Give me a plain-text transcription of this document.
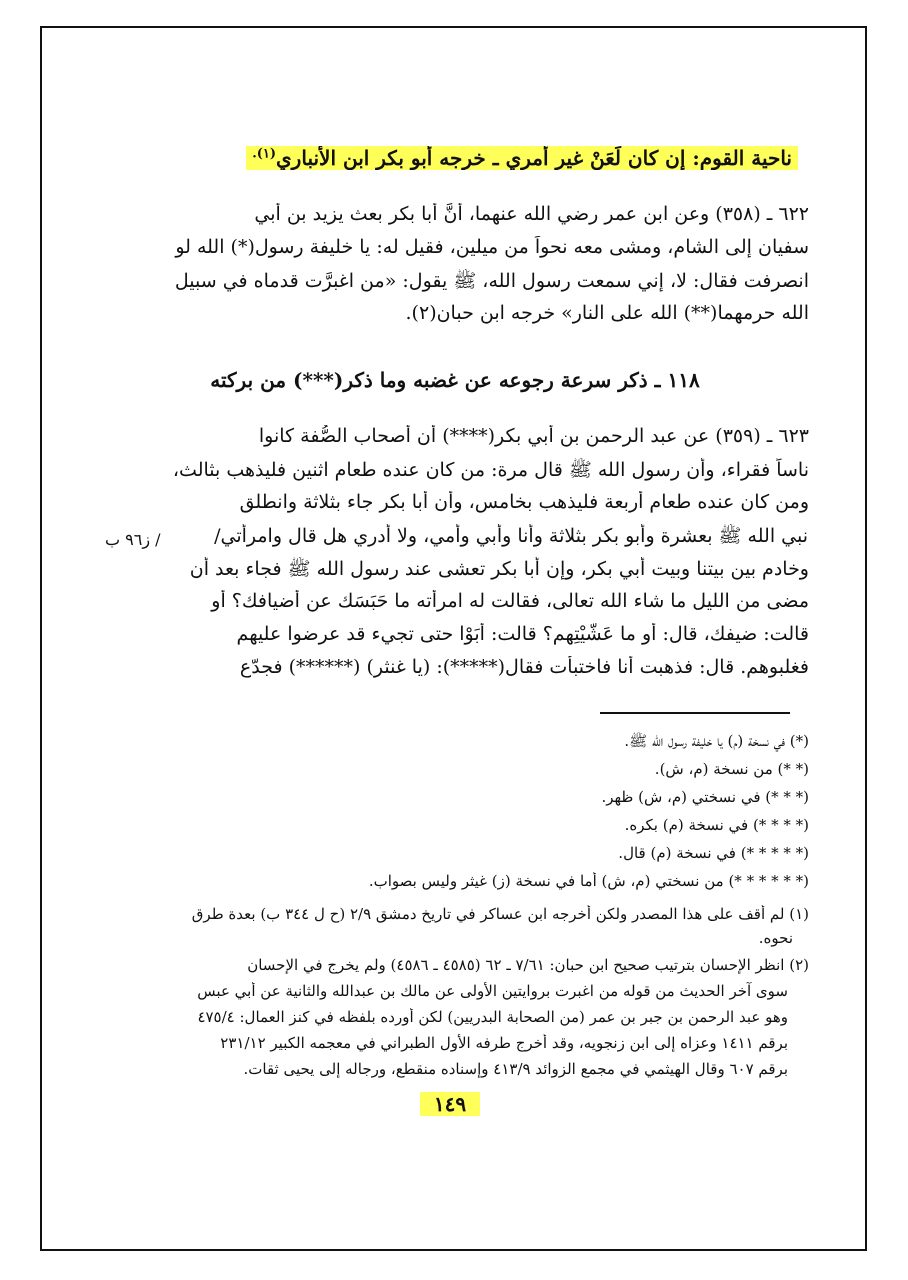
ناحية القوم: إن كان لَعَنْ غيرِ أمري ـ خرجه أبو بكر ابن الأنباري$^{(١).}$
٦٢٢ ـ (٣٥٨) وعن ابن عمر رضي الله عنهما، أنَّ أبا بكر بعث يزيد بن أبي
سفيان إلى الشام، ومشى معه نحواً من ميلين، فقيل له: يا خليفة رسول(*) الله لو
انصرفت فقال: لا، إني سمعت رسول الله، ﷺ يقول: «من اغبرَّت قدماه في سبيل
الله حرمهما(**) الله على النار» خرجه ابن حبان(٢).
١١٨ ـ ذكر سرعة رجوعه عن غضبه وما ذكر(***) من بركته
٦٢٣ ـ (٣٥٩) عن عبد الرحمن بن أبي بكر(****) أن أصحاب الصُّفة كانوا
ناساً فقراء، وأن رسول الله ﷺ قال مرة: من كان عنده طعام اثنين فليذهب بثالث،
ومن كان عنده طعام أربعة فليذهب بخامس، وأن أبا بكر جاء بثلاثة وانطلق
نبي الله ﷺ بعشرة وأبو بكر بثلاثة وأنا وأبي وأمي، ولا أدري هل قال وامرأتي/
/ ز٩٦ ب
وخادم بين بيتنا وبيت أبي بكر، وإن أبا بكر تعشى عند رسول الله ﷺ فجاء بعد أن
مضى من الليل ما شاء الله تعالى، فقالت له امرأته ما حَبَسَك عن أضيافك؟ أو
قالت: ضيفك، قال: أو ما عَشَّيْتِهِم؟ قالت: أَبَوْا حتى تجيء قد عرضوا عليهم
فغلبوهم. قال: فذهبت أنا فاختبأت فقال(*****): (يا غنثر) (******) فجدّع
(*) في نسخة (م) يا خليفة رسول الله ﷺ.
(* *) من نسخة (م، ش).
(* * *) في نسختي (م، ش) ظهر.
(* * * *) في نسخة (م) بكره.
(* * * * *) في نسخة (م) قال.
(* * * * * *) من نسختي (م، ش) أما في نسخة (ز) غيثر وليس بصواب.
(١) لم أقف على هذا المصدر ولكن أخرجه ابن عساكر في تاريخ دمشق ٢/٩ (ح ل ٣٤٤ ب) بعدة طرق
نحوه.
(٢) انظر الإحسان بترتيب صحيح ابن حبان: ٧/٦١ ـ ٦٢ (٤٥٨٥ ـ ٤٥٨٦) ولم يخرج في الإحسان
سوى آخر الحديث من قوله من اغبرت بروايتين الأولى عن مالك بن عبدالله والثانية عن أبي عبس
وهو عبد الرحمن بن جبر بن عمر (من الصحابة البدريين) لكن أورده بلفظه في كنز العمال: ٤٧٥/٤
برقم ١٤١١ وعزاه إلى ابن زنجويه، وقد أخرج طرفه الأول الطبراني في معجمه الكبير ٢٣١/١٢
برقم ٦٠٧ وقال الهيثمي في مجمع الزوائد ٤١٣/٩ وإسناده منقطع، ورجاله إلى يحيى ثقات.
١٤٩
